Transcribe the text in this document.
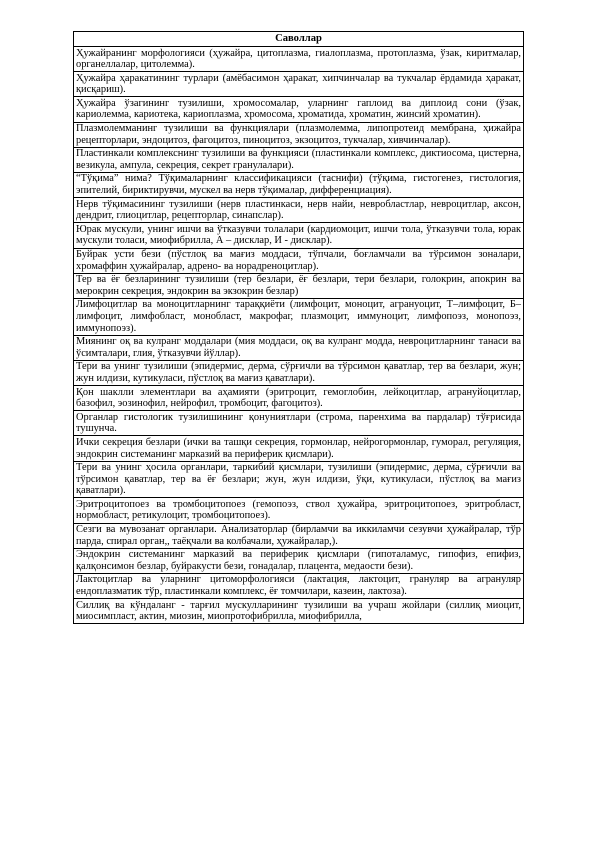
Саволлар
Ҳужайранинг морфологияси (ҳужайра, цитоплазма, гиалоплазма, протоплазма, ўзак, киритмалар, органеллалар, цитолемма).
Ҳужайра ҳаракатининг турлари (амёбасимон ҳаракат, хипчинчалар ва тукчалар ёрдамида ҳаракат, қисқариш).
Ҳужайра ўзагининг тузилиши, хромосомалар, уларнинг гаплоид ва диплоид сони (ўзак, кариолемма, кариотека, кариоплазма, хромосома, хроматида, хроматин, жинсий хроматин).
Плазмолемманинг тузилиши ва функциялари (плазмолемма, липопротеид мембрана, ҳижайра рецепторлари, эндоцитоз, фагоцитоз, пиноцитоз, экзоцитоз, тукчалар, хивчинчалар).
Пластинкали комплекснинг тузилиши ва функцияси (пластинкали комплекс, диктиосома, цистерна, везикула, ампула, секреция, секрет гранулалари).
“Тўқима” нима? Тўқималарнинг классификацияси (таснифи) (тўқима, гистогенез, гистология, эпителий, бириктирувчи, мускел ва нерв тўқималар, дифференциация).
Нерв тўқимасининг тузилиши (нерв пластинкаси, нерв найи, невробластлар, невроцитлар, аксон, дендрит, глиоцитлар, рецепторлар, синапслар).
Юрак мускули, унинг ишчи ва ўтказувчи толалари (кардиомоцит, ишчи тола, ўтказувчи тола, юрак мускули толаси, миофибрилла, А – дисклар, И - дисклар).
Буйрак усти бези (пўстлоқ ва мағиз моддаси, тўпчали, боғламчали ва тўрсимон зоналари, хромаффин ҳужайралар, адрено- ва норадреноцитлар).
Тер ва ёғ безларининг тузилиши (тер безлари, ёғ безлари, тери безлари, голокрин, апокрин ва мерокрин секреция, эндокрин ва экзокрин безлар)
Лимфоцитлар ва моноцитларнинг тараққиёти (лимфоцит, моноцит, агрануоцит, Т–лимфоцит, Б–лимфоцит, лимфобласт, монобласт, макрофаг, плазмоцит, иммуноцит, лимфопоэз, монопоэз, иммунопоэз).
Миянинг оқ ва кулранг моддалари (мия моддаси, оқ ва кулранг модда, невроцитларнинг танаси ва ўсимталари, глия, ўтказувчи йўллар).
Тери ва унинг тузилиши (эпидермис, дерма, сўрғичли ва тўрсимон қаватлар, тер ва безлари, жун; жун илдизи, кутикуласи, пўстлоқ ва мағиз қаватлари).
Қон шаклли элементлари ва аҳамияти (эритроцит, гемоглобин, лейкоцитлар, агрануйоцитлар, базофил, эозинофил, нейрофил, тромбоцит, фагоцитоз).
Органлар гистологик тузилишининг қонуниятлари (строма, паренхима ва пардалар) тўғрисида тушунча.
Ички секреция безлари (ички ва ташқи секреция, гормонлар, нейрогормонлар, гуморал, регуляция, эндокрин системанинг марказий ва периферик қисмлари).
Тери ва унинг ҳосила органлари, таркибий қисмлари, тузилиши (эпидермис, дерма, сўрғичли ва тўрсимон қаватлар, тер ва ёғ безлари; жун, жун илдизи, ўқи, кутикуласи, пўстлоқ ва мағиз қаватлари).
Эритроцитопоез ва тромбоцитопоез (гемопоэз, ствол ҳужайра, эритроцитопоез, эритробласт, нормобласт, ретикулоцит, тромбоцитопоез).
Сезги ва мувозанат органлари. Анализаторлар (бирламчи ва иккиламчи сезувчи ҳужайралар, тўр парда, спирал орган,, таёқчали ва колбачали, ҳужайралар,).
Эндокрин системанинг марказий ва периферик қисмлари (гипоталамус, гипофиз, епифиз, қалқонсимон безлар, буйракусти бези, гонадалар, плацента, медаости бези).
Лактоцитлар ва уларнинг цитоморфологияси (лактация, лактоцит, грануляр ва агрануляр ендоплазматик тўр, пластинкали комплекс, ёғ томчилари, казеин, лактоза).
Силлиқ ва кўндаланг - тарғил мускулларининг тузилиши ва учраш жойлари (силлиқ миоцит, миосимпласт, актин, миозин, миопротофибрилла, миофибрилла,
